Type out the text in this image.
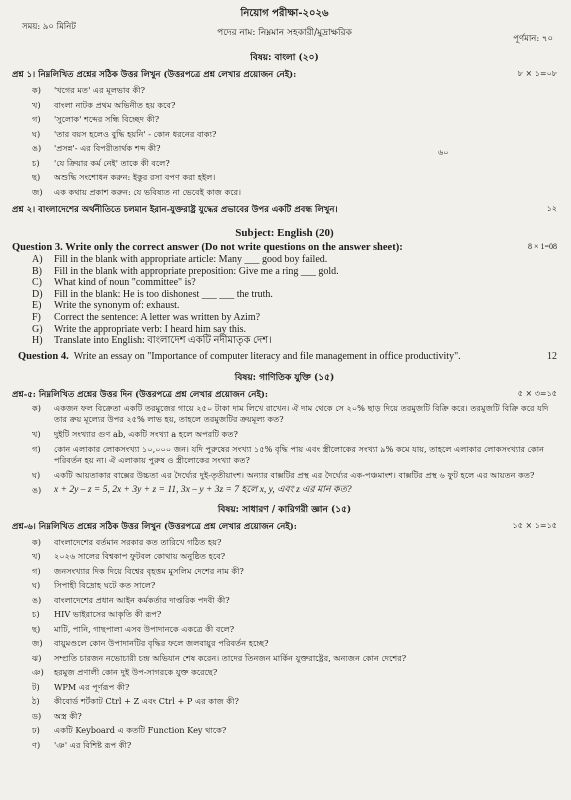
নিয়োগ পরীক্ষা-২০২৬
পদের নাম: নিম্নমান সহকারী/মুদ্রাক্ষরিক
সময়: ৯০ মিনিট
পূর্ণমান: ৭০
বিষয়: বাংলা (২০)
প্রশ্ন ১। নিম্নলিখিত প্রশ্নের সঠিক উত্তর লিখুন (উত্তরপত্রে প্রশ্ন লেখার প্রয়োজন নেই):	৮ × ১=০৮
ক)	'খগের মত' এর মূলভাব কী?
খ)	বাংলা নাটক প্রথম অভিনীত হয় কবে?
গ)	'সুলোক' শব্দের সন্ধি বিচ্ছেদ কী?
ঘ)	'তার বয়স হলেও বুদ্ধি হয়নি' - কোন ধরনের বাক্য?
ঙ)	'প্রসন্ন'- এর বিপরীতার্থক শব্দ কী?
চ)	'যে ক্রিয়ার কর্ম নেই' তাকে কী বলে?
ছ)	অশুদ্ধি সংশোধন করুন: ইকুর রসা বপণ করা হইল।
জ)	এক কথায় প্রকাশ করুন: যে ভবিষ্যত না ভেবেই কাজ করে।
৬০
প্রশ্ন ২। বাংলাদেশের অর্থনীতিতে চলমান ইরান-যুক্তরাষ্ট্র যুদ্ধের প্রভাবের উপর একটি প্রবন্ধ লিখুন।	১২
Subject: English (20)
Question 3. Write only the correct answer (Do not write questions on the answer sheet):	8 × 1=08
A)	Fill in the blank with appropriate article: Many ___ good boy failed.
B)	Fill in the blank with appropriate preposition: Give me a ring ___ gold.
C)	What kind of noun "committee" is?
D)	Fill in the blank: He is too dishonest ___ ___ the truth.
E)	Write the synonym of: exhaust.
F)	Correct the sentence: A letter was written by Azim?
G)	Write the appropriate verb: I heard him say this.
H)	Translate into English: বাংলাদেশ একটি নদীমাতৃক দেশ।
Question 4. Write an essay on "Importance of computer literacy and file management in office productivity".	12
বিষয়: গাণিতিক যুক্তি (১৫)
প্রশ্ন-৫: নিম্নলিখিত প্রশ্নের উত্তর দিন (উত্তরপত্রে প্রশ্ন লেখার প্রয়োজন নেই):	৫ × ৩=১৫
ক)	একজন ফল বিক্রেতা একটি তরমুজের গায়ে ২৫০ টাকা দাম লিখে রাখেন। ঐ দাম থেকে সে ২০% ছাড় দিয়ে তরমুজটি বিক্রি করে। তরমুজটি বিক্রি করে যদি তার ক্রয় মূল্যের উপর ২৫% লাভ হয়, তাহলে তরমুজটির ক্রয়মূল্য কত?
খ)	দুইটি সংখ্যার গুণ ab, একটি সংখ্যা a হলে অপরটি কত?
গ)	কোন এলাকার লোকসংখ্যা ১০,০০০ জন। যদি পুরুষের সংখ্যা ১৫% বৃদ্ধি পায় এবং স্ত্রীলোকের সংখ্যা ৯% কমে যায়, তাহলে এলাকার লোকসংখ্যার কোন পরিবর্তন হয় না। ঐ এলাকায় পুরুষ ও স্ত্রীলোকের সংখ্যা কত?
ঘ)	একটি আয়তাকার বাক্সের উচ্চতা এর দৈর্ঘ্যের দুই-তৃতীয়াংশ। অন্যার বাক্সটির প্রস্থ এর দৈর্ঘ্যের এক-পঞ্চমাংশ। বাক্সটির প্রস্থ ৬ ফুট হলে এর আয়তন কত?
ঙ)	x + 2y – z = 5, 2x + 3y + z = 11, 3x – y + 3z = 7 হলে x, y, এবং z এর মান কত?
বিষয়: সাধারণ / কারিগরী জ্ঞান (১৫)
প্রশ্ন-৬। নিম্নলিখিত প্রশ্নের সঠিক উত্তর লিখুন (উত্তরপত্রে প্রশ্ন লেখার প্রয়োজন নেই):	১৫ × ১=১৫
ক)	বাংলাদেশের বর্তমান সরকার কত তারিখে গঠিত হয়?
খ)	২০২৬ সালের বিশ্বকাপ ফুটবল কোথায় অনুষ্ঠিত হবে?
গ)	জনসংখ্যার দিক দিয়ে বিশ্বের বৃহত্তম মুসলিম দেশের নাম কী?
ঘ)	সিপাহী বিদ্রোহ ঘটে কত সালে?
ঙ)	বাংলাদেশের প্রধান আইন কর্মকর্তার দাপ্তরিক পদবী কী?
চ)	HIV ভাইরাসের আকৃতি কী রূপ?
ছ)	মাটি, পানি, গাছপালা এসব উপাদানকে একত্রে কী বলে?
জ)	বায়ুমণ্ডলে কোন উপাদানটির বৃদ্ধির ফলে জলবায়ুর পরিবর্তন হচ্ছে?
ঝ)	সম্প্রতি চারজন নভোচারী চন্দ্র অভিযান শেষ করেন। তাদের তিনজন মার্কিন যুক্তরাষ্ট্রের, অন্যজন কোন দেশের?
ঞ)	হরমুজ প্রণালী কোন দুই উপ-সাগরকে যুক্ত করেছে?
ট)	WPM এর পূর্ণরূপ কী?
ঠ)	কীবোর্ড শর্টকাট Ctrl + Z এবং Ctrl + P এর কাজ কী?
ড)	অস্ত্র কী?
ঢ)	একটি Keyboard এ কতটি Function Key থাকে?
ণ)	'ঞ' এর বিশিষ্ট রূপ কী?
